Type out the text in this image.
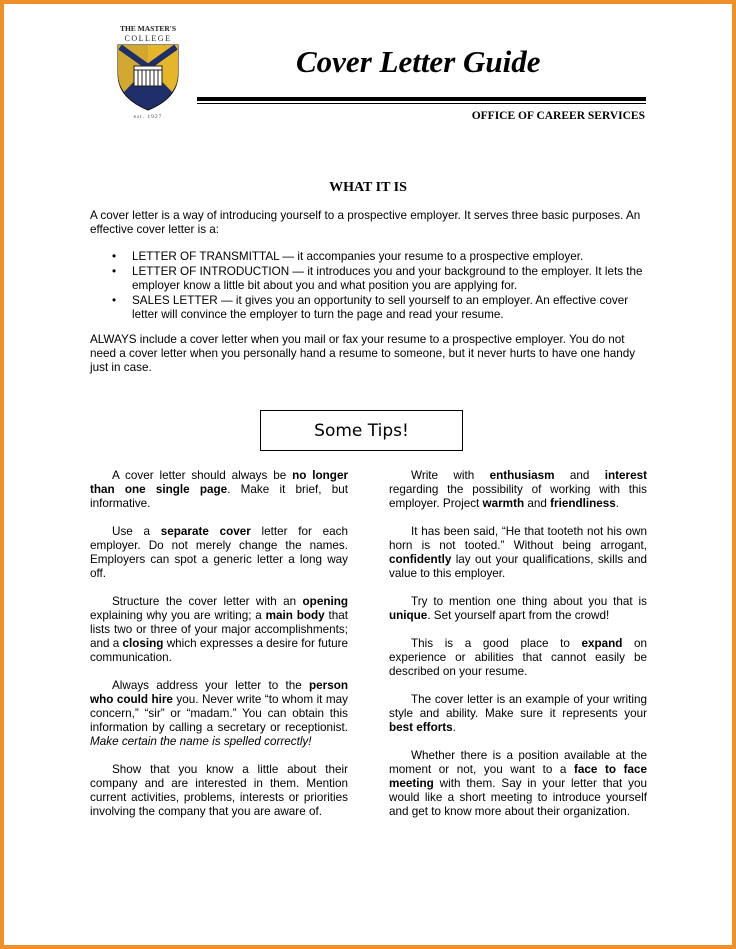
THE MASTER'S
COLLEGE
est. 1927
Cover Letter Guide
OFFICE OF CAREER SERVICES
WHAT IT IS

A cover letter is a way of introducing yourself to a prospective employer. It serves three basic purposes. An effective cover letter is a:

• LETTER OF TRANSMITTAL — it accompanies your resume to a prospective employer.
• LETTER OF INTRODUCTION — it introduces you and your background to the employer. It lets the employer know a little bit about you and what position you are applying for.
• SALES LETTER — it gives you an opportunity to sell yourself to an employer. An effective cover letter will convince the employer to turn the page and read your resume.

ALWAYS include a cover letter when you mail or fax your resume to a prospective employer. You do not need a cover letter when you personally hand a resume to someone, but it never hurts to have one handy just in case.

Some Tips!

A cover letter should always be no longer than one single page. Make it brief, but informative.

Use a separate cover letter for each employer. Do not merely change the names. Employers can spot a generic letter a long way off.

Structure the cover letter with an opening explaining why you are writing; a main body that lists two or three of your major accomplishments; and a closing which expresses a desire for future communication.

Always address your letter to the person who could hire you. Never write “to whom it may concern,” “sir” or “madam.” You can obtain this information by calling a secretary or receptionist. Make certain the name is spelled correctly!

Show that you know a little about their company and are interested in them. Mention current activities, problems, interests or priorities involving the company that you are aware of.

Write with enthusiasm and interest regarding the possibility of working with this employer. Project warmth and friendliness.

It has been said, “He that tooteth not his own horn is not tooted.” Without being arrogant, confidently lay out your qualifications, skills and value to this employer.

Try to mention one thing about you that is unique. Set yourself apart from the crowd!

This is a good place to expand on experience or abilities that cannot easily be described on your resume.

The cover letter is an example of your writing style and ability. Make sure it represents your best efforts.

Whether there is a position available at the moment or not, you want to a face to face meeting with them. Say in your letter that you would like a short meeting to introduce yourself and get to know more about their organization.
